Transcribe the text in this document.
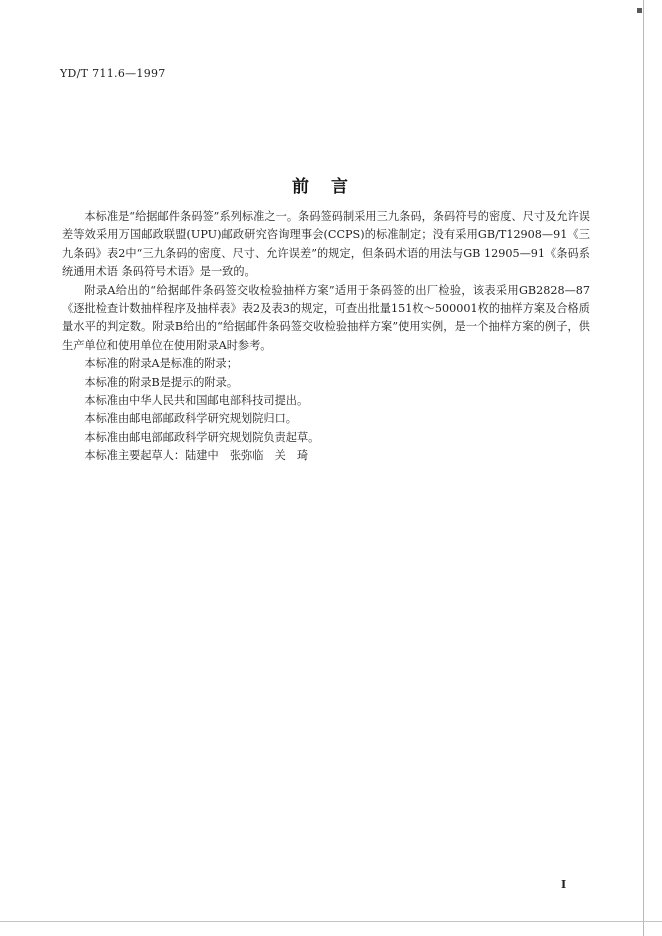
YD/T 711.6—1997
前言

本标准是“给据邮件条码签”系列标准之一。条码签码制采用三九条码，条码符号的密度、尺寸及允许误差等效采用万国邮政联盟(UPU)邮政研究咨询理事会(CCPS)的标准制定；没有采用GB/T12908—91《三九条码》表2中“三九条码的密度、尺寸、允许误差”的规定，但条码术语的用法与GB 12905—91《条码系统通用术语 条码符号术语》是一致的。

附录A给出的“给据邮件条码签交收检验抽样方案”适用于条码签的出厂检验，该表采用GB2828—87《逐批检查计数抽样程序及抽样表》表2及表3的规定，可查出批量151枚～500001枚的抽样方案及合格质量水平的判定数。附录B给出的“给据邮件条码签交收检验抽样方案”使用实例，是一个抽样方案的例子，供生产单位和使用单位在使用附录A时参考。

本标准的附录A是标准的附录；

本标准的附录B是提示的附录。

本标准由中华人民共和国邮电部科技司提出。

本标准由邮电部邮政科学研究规划院归口。

本标准由邮电部邮政科学研究规划院负责起草。

本标准主要起草人：陆建中　张弥临　关　琦

I
